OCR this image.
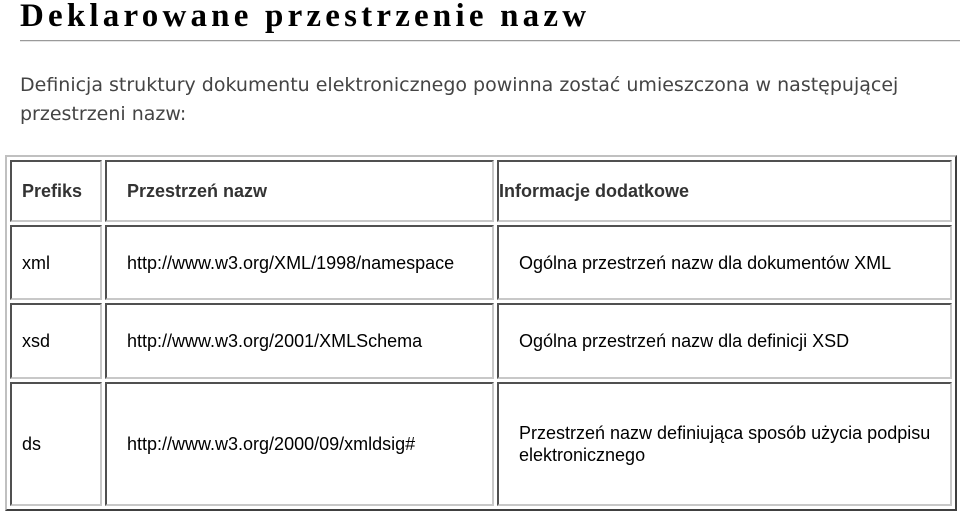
Deklarowane przestrzenie nazw

Definicja struktury dokumentu elektronicznego powinna zostać umieszczona w następującej przestrzeni nazw:

Prefiks	Przestrzeń nazw	Informacje dodatkowe
xml	http://www.w3.org/XML/1998/namespace	Ogólna przestrzeń nazw dla dokumentów XML
xsd	http://www.w3.org/2001/XMLSchema	Ogólna przestrzeń nazw dla definicji XSD
ds	http://www.w3.org/2000/09/xmldsig#	Przestrzeń nazw definiująca sposób użycia podpisu elektronicznego
